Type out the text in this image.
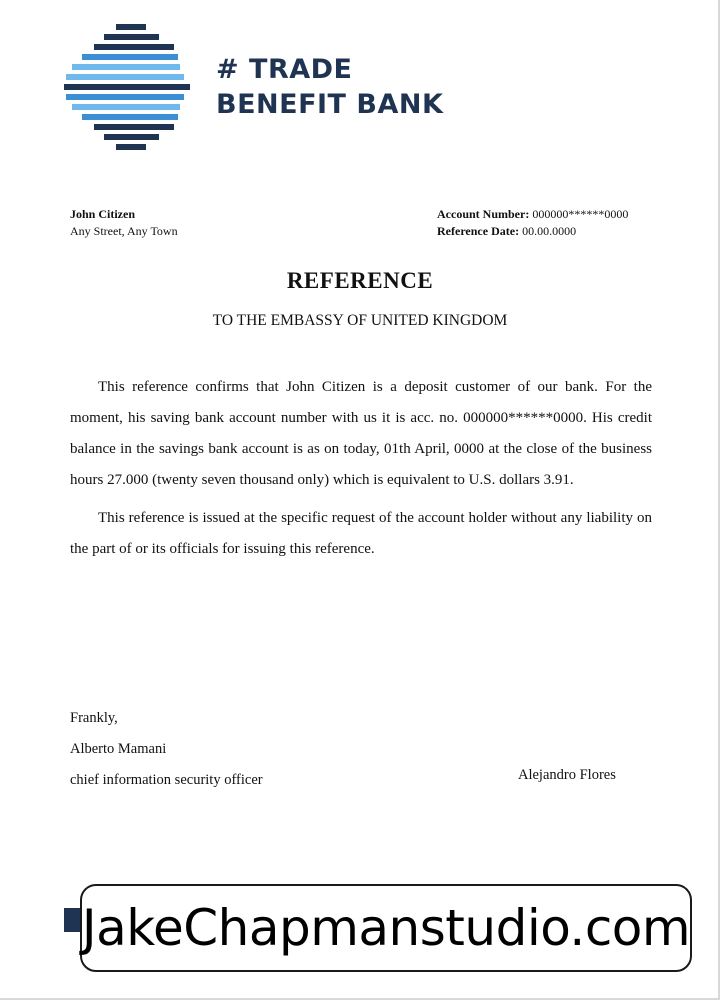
# TRADE
BENEFIT BANK
John Citizen
Any Street, Any Town
Account Number: 000000******0000
Reference Date: 00.00.0000
REFERENCE
TO THE EMBASSY OF UNITED KINGDOM

This reference confirms that John Citizen is a deposit customer of our bank. For the moment, his saving bank account number with us it is acc. no. 000000******0000. His credit balance in the savings bank account is as on today, 01th April, 0000 at the close of the business hours 27.000 (twenty seven thousand only) which is equivalent to U.S. dollars 3.91.

This reference is issued at the specific request of the account holder without any liability on the part of or its officials for issuing this reference.

Frankly,
Alberto Mamani
chief information security officer	Alejandro Flores
JakeChapmanstudio.com
